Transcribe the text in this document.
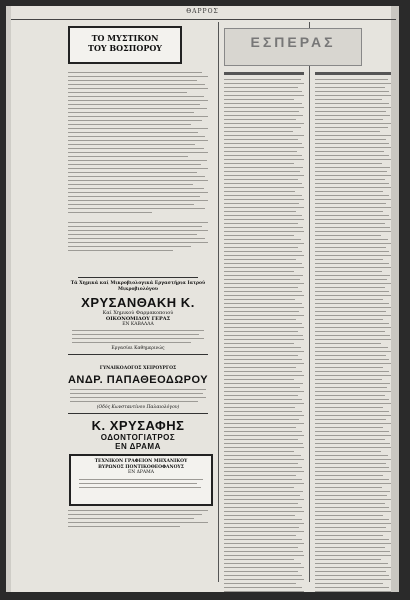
ΘΑΡΡΟΣ
ΤΟ ΜΥΣΤΙΚΟΝ
ΤΟΥ ΒΟΣΠΟΡΟΥ	ΕΣΠΕΡΑΣ
Τά Χημικά καί Μικροβιολογικά Εργαστήρια Ιατρού Μικροβιολόγου
ΧΡΥΣΑΝΘΑΚΗ Κ.
Καί Χημικού Φαρμακοποιού
ΟΙΚΟΝΟΜΙΔΟΥ ΓΕΡΑΣ
ΕΝ ΚΑΒΑΛΛΑ
Εργασίαι Καθημερινώς
ΓΥΝΑΙΚΟΛΟΓΟΣ ΧΕΙΡΟΥΡΓΟΣ
ΑΝΔΡ. ΠΑΠΑΘΕΟΔΩΡΟΥ
(Οδός Κωνσταντίνου Παλαιολόγου)
Κ. ΧΡΥΣΑΦΗΣ
ΟΔΟΝΤΟΓΙΑΤΡΟΣ
ΕΝ ΔΡΑΜΑ
ΤΕΧΝΙΚΟΝ ΓΡΑΦΕΙΟΝ ΜΗΧΑΝΙΚΟΥ
ΒΥΡΩΝΟΣ ΠΟΝΤΙΚΟΘΕΟΦΑΝΟΥΣ
ΕΝ ΔΡΑΜΑ
